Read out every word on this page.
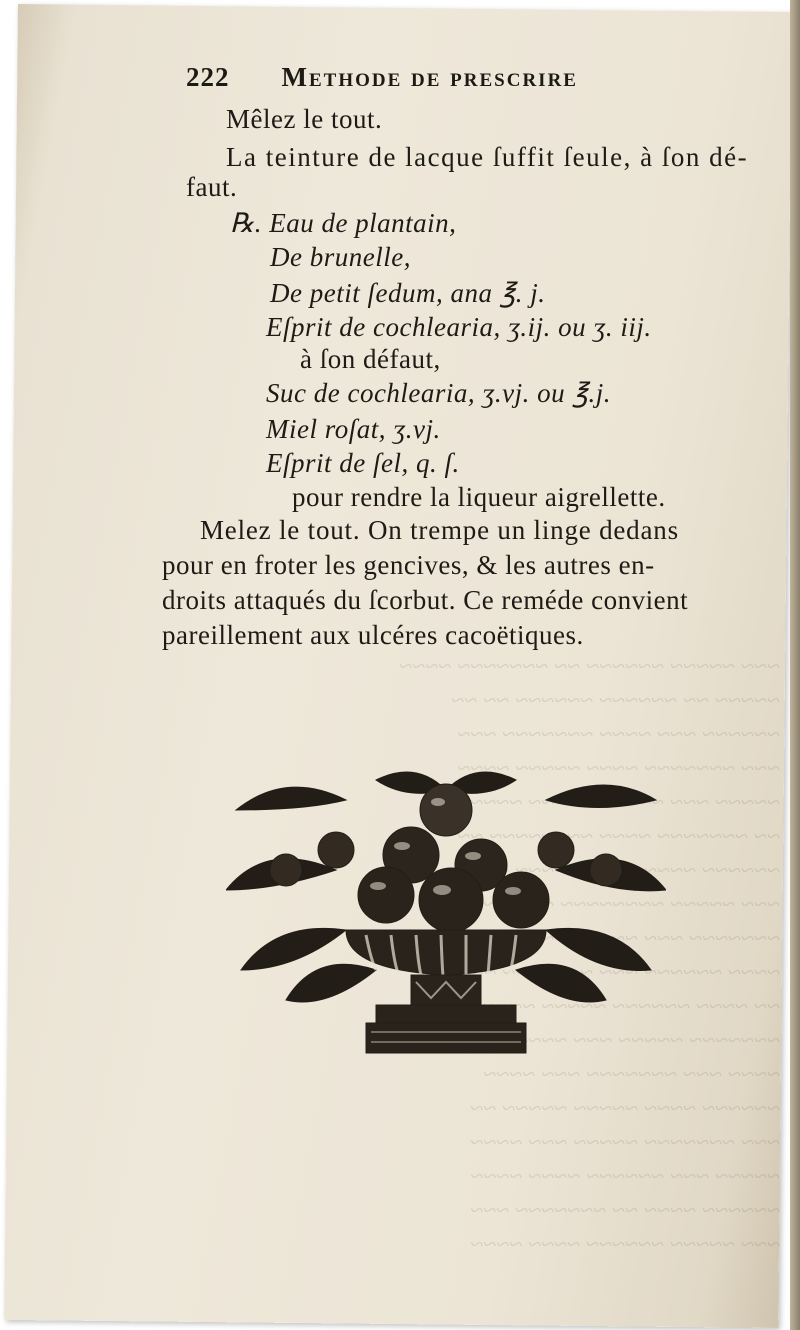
222 Methode de prescrire
Mêlez le tout.
La teinture de lacque ſuffit ſeule, à ſon dé-
faut.
℞. Eau de plantain,
De brunelle,
De petit ſedum, ana ℥. j.
Eſprit de cochlearia, ʒ.ij. ou ʒ. iij.
à ſon défaut,
Suc de cochlearia, ʒ.vj. ou ℥.j.
Miel roſat, ʒ.vj.
Eſprit de ſel, q. ſ.
pour rendre la liqueur aigrellette.
Melez le tout. On trempe un linge dedans
pour en froter les gencives, & les autres en-
droits attaqués du ſcorbut. Ce reméde convient
pareillement aux ulcéres cacoëtiques.
